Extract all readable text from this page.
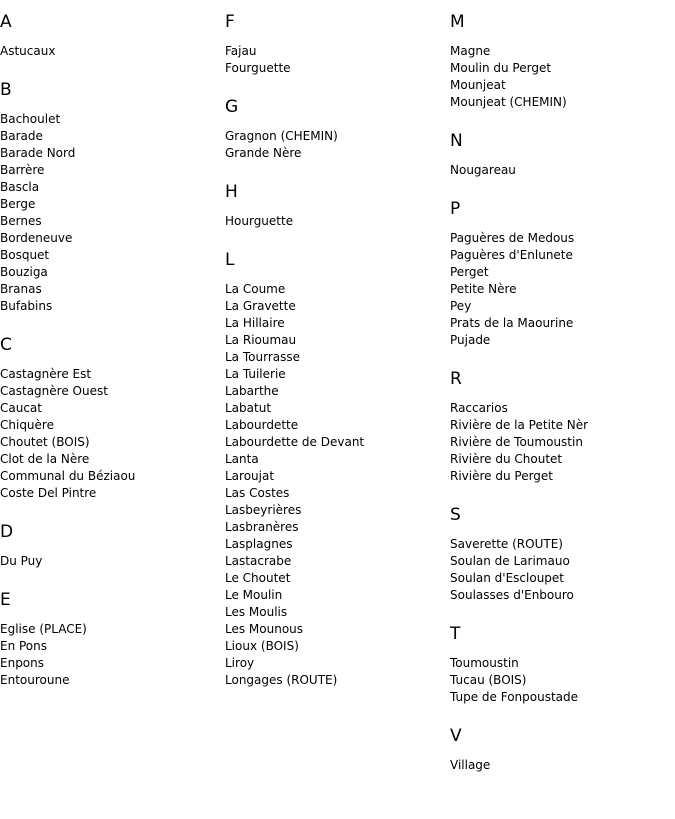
A
Astucaux
B
Bachoulet
Barade
Barade Nord
Barrère
Bascla
Berge
Bernes
Bordeneuve
Bosquet
Bouziga
Branas
Bufabins
C
Castagnère Est
Castagnère Ouest
Caucat
Chiquère
Choutet (BOIS)
Clot de la Nère
Communal du Béziaou
Coste Del Pintre
D
Du Puy
E
Eglise (PLACE)
En Pons
Enpons
Entouroune
F
Fajau
Fourguette
G
Gragnon (CHEMIN)
Grande Nère
H
Hourguette
L
La Coume
La Gravette
La Hillaire
La Rioumau
La Tourrasse
La Tuilerie
Labarthe
Labatut
Labourdette
Labourdette de Devant
Lanta
Laroujat
Las Costes
Lasbeyrières
Lasbranères
Lasplagnes
Lastacrabe
Le Choutet
Le Moulin
Les Moulis
Les Mounous
Lioux (BOIS)
Liroy
Longages (ROUTE)
M
Magne
Moulin du Perget
Mounjeat
Mounjeat (CHEMIN)
N
Nougareau
P
Paguères de Medous
Paguères d'Enlunete
Perget
Petite Nère
Pey
Prats de la Maourine
Pujade
R
Raccarios
Rivière de la Petite Nèr
Rivière de Toumoustin
Rivière du Choutet
Rivière du Perget
S
Saverette (ROUTE)
Soulan de Larimauo
Soulan d'Escloupet
Soulasses d'Enbouro
T
Toumoustin
Tucau (BOIS)
Tupe de Fonpoustade
V
Village
